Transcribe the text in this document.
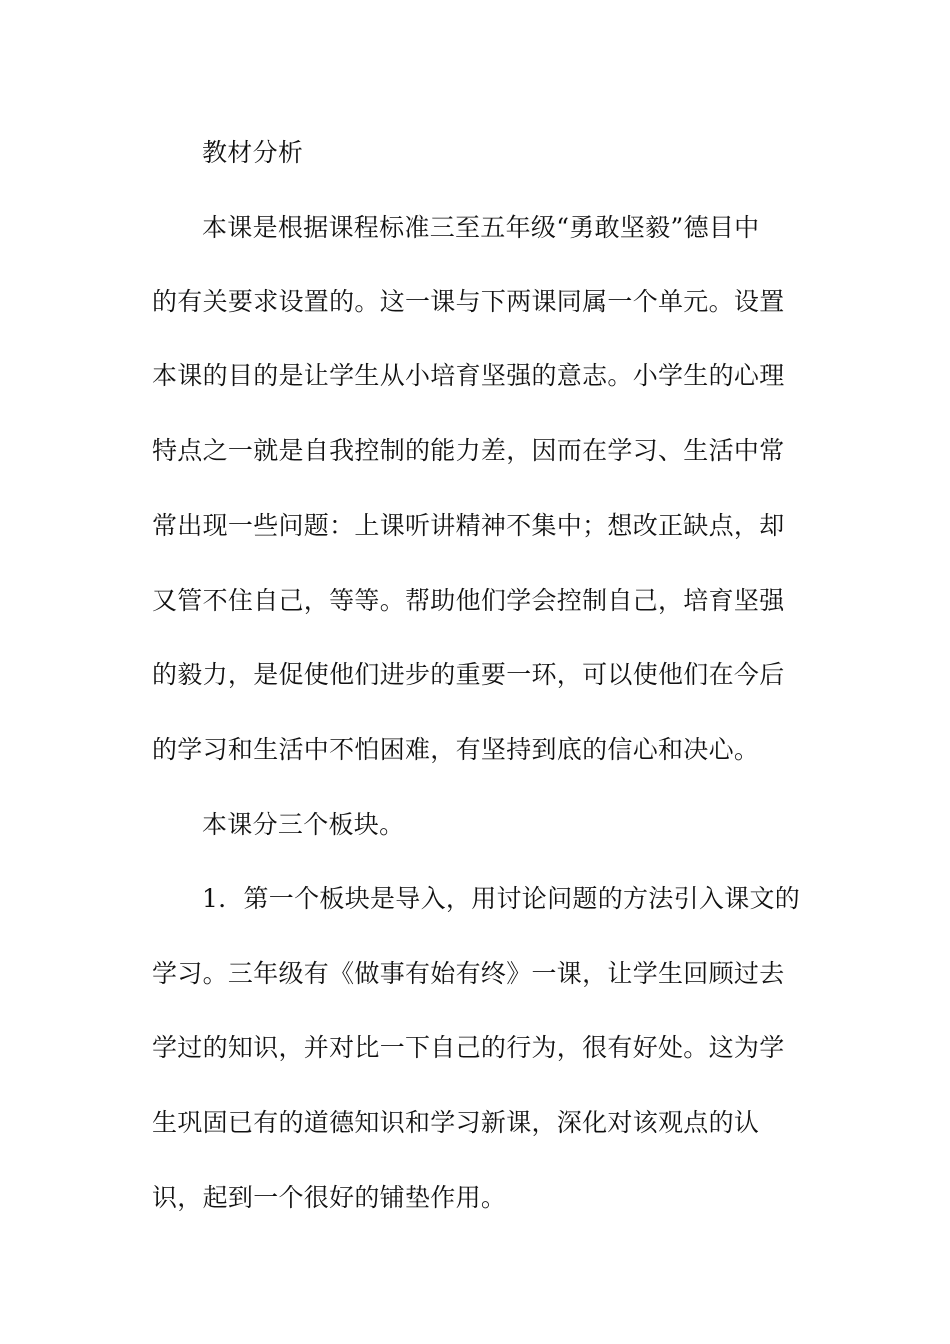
教材分析
本课是根据课程标准三至五年级“勇敢坚毅”德目中
的有关要求设置的。这一课与下两课同属一个单元。设置
本课的目的是让学生从小培育坚强的意志。小学生的心理
特点之一就是自我控制的能力差，因而在学习、生活中常
常出现一些问题：上课听讲精神不集中；想改正缺点，却
又管不住自己，等等。帮助他们学会控制自己，培育坚强
的毅力，是促使他们进步的重要一环，可以使他们在今后
的学习和生活中不怕困难，有坚持到底的信心和决心。
本课分三个板块。
1．第一个板块是导入，用讨论问题的方法引入课文的
学习。三年级有《做事有始有终》一课，让学生回顾过去
学过的知识，并对比一下自己的行为，很有好处。这为学
生巩固已有的道德知识和学习新课，深化对该观点的认
识，起到一个很好的铺垫作用。
